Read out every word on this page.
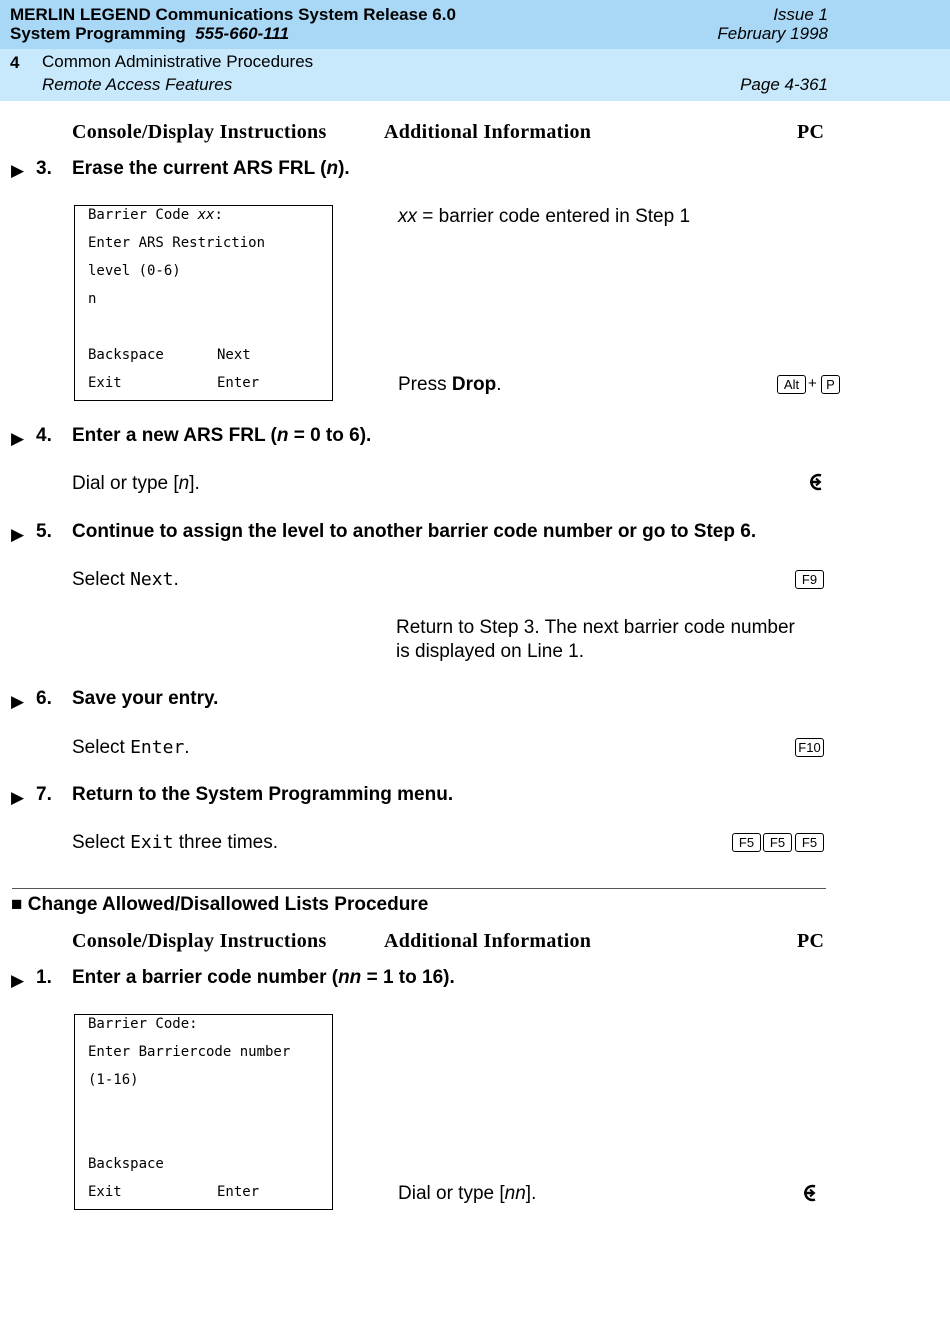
MERLIN LEGEND Communications System Release 6.0	Issue 1
System Programming 555-660-111	February 1998
4 Common Administrative Procedures
Remote Access Features	Page 4-361
Console/Display Instructions	Additional Information	PC
▶ 3. Erase the current ARS FRL (n).
Barrier Code xx:
Enter ARS Restriction
level (0-6)
n
Backspace	Next
Exit	Enter
xx = barrier code entered in Step 1
Press Drop.	Alt + P
▶ 4. Enter a new ARS FRL (n = 0 to 6).
Dial or type [n].
▶ 5. Continue to assign the level to another barrier code number or go to Step 6.
Select Next.	F9
Return to Step 3. The next barrier code number
is displayed on Line 1.
▶ 6. Save your entry.
Select Enter.	F10
▶ 7. Return to the System Programming menu.
Select Exit three times.	F5	F5	F5
■ Change Allowed/Disallowed Lists Procedure
Console/Display Instructions	Additional Information	PC
▶ 1. Enter a barrier code number (nn = 1 to 16).
Barrier Code:
Enter Barriercode number
(1-16)
Backspace
Exit	Enter	Dial or type [nn].
